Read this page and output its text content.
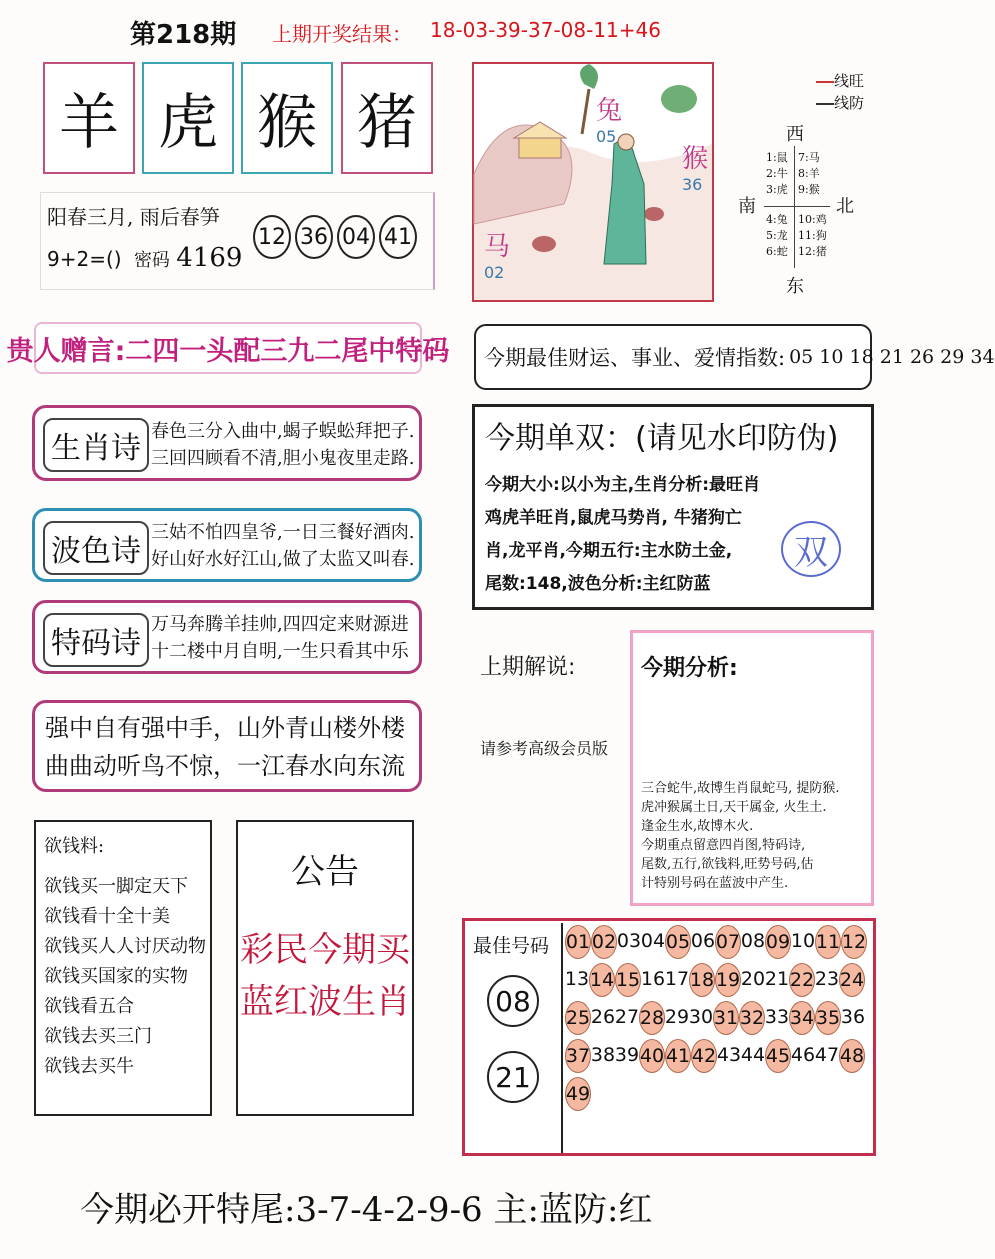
第218期 上期开奖结果： 18-03-39-37-08-11+46
羊 虎 猴 猪
阳春三月, 雨后春笋
9+2=() 密码 4169
12 36 04 41
贵人赠言:二四一头配三九二尾中特码
生肖诗 春色三分入曲中,蝎子蜈蚣拜把子.
三回四顾看不清,胆小鬼夜里走路.
波色诗
三姑不怕四皇爷,一日三餐好酒肉.
好山好水好江山,做了太监又叫春.
特码诗
万马奔腾羊挂帅,四四定来财源进
十二楼中月自明,一生只看其中乐
强中自有强中手，山外青山楼外楼
曲曲动听鸟不惊，一江春水向东流
欲钱料:
欲钱买一脚定天下
欲钱看十全十美
欲钱买人人讨厌动物
欲钱买国家的实物
欲钱看五合
欲钱去买三门
欲钱去买牛
公告
彩民今期买
蓝红波生肖
兔
05
猴
36
马
02
线旺
线防
西
南	北
东
1:鼠
2:牛
3:虎
7:马
8:羊
9:猴
4:兔
5:龙
6:蛇
10:鸡
11:狗
12:猪
今期最佳财运、事业、爱情指数: 05 10 18 21 26 29 34
今期单双：(请见水印防伪)
双
今期大小:以小为主,生肖分析:最旺肖
鸡虎羊旺肖,鼠虎马势肖, 牛猪狗亡
肖,龙平肖,今期五行:主水防土金,
尾数:148,波色分析:主红防蓝
上期解说:
请参考高级会员版
今期分析:
三合蛇牛,故博生肖鼠蛇马, 提防猴.
虎冲猴属土日,天干属金, 火生土.
逢金生水,故博木火.
今期重点留意四肖图,特码诗,
尾数,五行,欲钱料,旺势号码,估
计特别号码在蓝波中产生.
最佳号码
08
21
01 02 03 04 05 06 07 08 09 10 11 12
13 14 15 16 17 18 19 20 21 22 23 24
25 26 27 28 29 30 31 32 33 34 35 36
37 38 39 40 41 42 43 44 45 46 47 48
49
今期必开特尾:3-7-4-2-9-6 主:蓝防:红
